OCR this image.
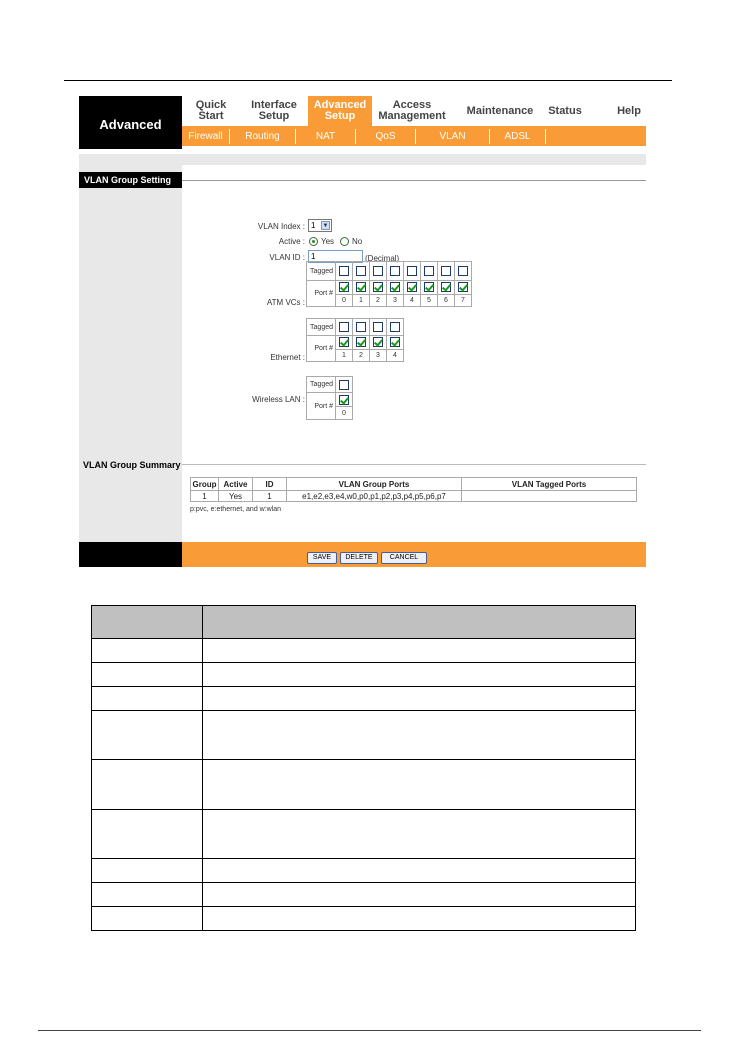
Advanced
Quick
Start
Interface
Setup
Advanced
Setup
Access
Management	Maintenance	Status	Help
Firewall	Routing	NAT	QoS	VLAN	ADSL
VLAN Group Setting
VLAN Index : 1 ▼
Active : Yes No
VLAN ID :
1	(Decimal)
ATM VCs :
Tagged								
Port #								
	0	1	2	3	4	5	6	7
Ethernet :
Tagged				
Port #				
	1	2	3	4
Wireless LAN :
Tagged	
Port #	
	0
VLAN Group Summary
Group	Active	ID	VLAN Group Ports	VLAN Tagged Ports
1	Yes	1	e1,e2,e3,e4,w0,p0,p1,p2,p3,p4,p5,p6,p7	
p:pvc, e:ethernet, and w:wlan
SAVE	DELETE	CANCEL
